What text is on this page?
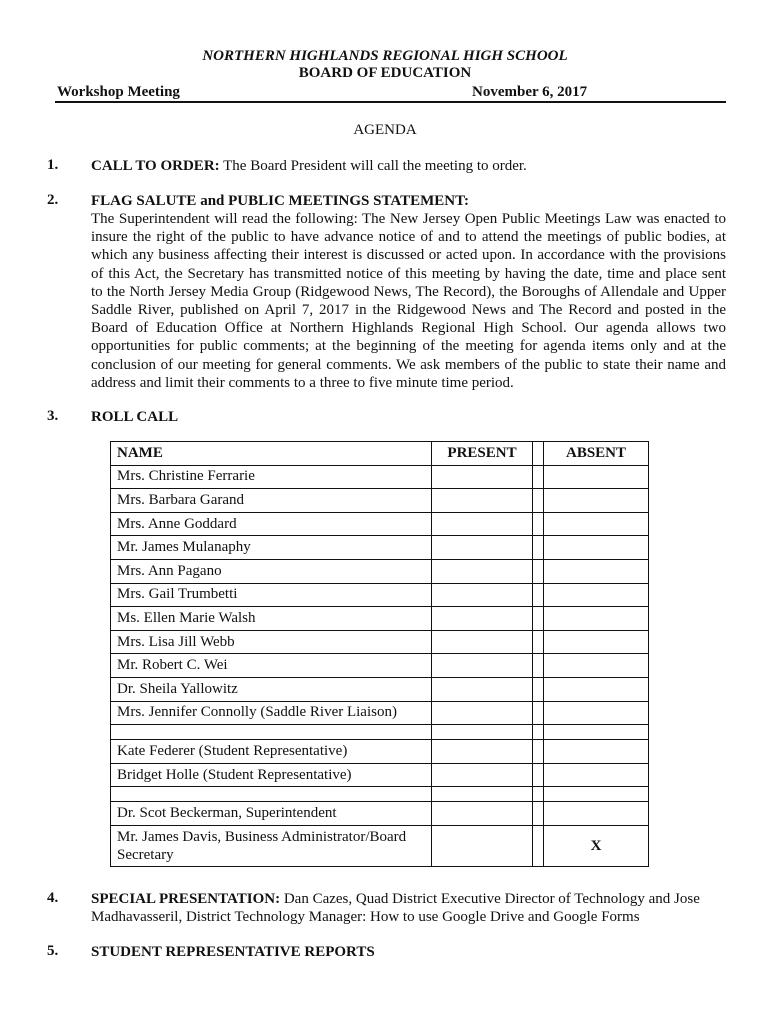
NORTHERN HIGHLANDS REGIONAL HIGH SCHOOL
BOARD OF EDUCATION
Workshop Meeting	November 6, 2017
AGENDA
1. CALL TO ORDER: The Board President will call the meeting to order.
2. FLAG SALUTE and PUBLIC MEETINGS STATEMENT:
The Superintendent will read the following: The New Jersey Open Public Meetings Law was enacted to
insure the right of the public to have advance notice of and to attend the meetings of public bodies, at
which any business affecting their interest is discussed or acted upon. In accordance with the provisions
of this Act, the Secretary has transmitted notice of this meeting by having the date, time and place sent
to the North Jersey Media Group (Ridgewood News, The Record), the Boroughs of Allendale and Upper
Saddle River, published on April 7, 2017 in the Ridgewood News and The Record and posted in the
Board of Education Office at Northern Highlands Regional High School. Our agenda allows two
opportunities for public comments; at the beginning of the meeting for agenda items only and at the
conclusion of our meeting for general comments. We ask members of the public to state their name and
address and limit their comments to a three to five minute time period.
3. ROLL CALL
NAME	PRESENT		ABSENT
Mrs. Christine Ferrarie			
Mrs. Barbara Garand			
Mrs. Anne Goddard			
Mr. James Mulanaphy			
Mrs. Ann Pagano			
Mrs. Gail Trumbetti			
Ms. Ellen Marie Walsh			
Mrs. Lisa Jill Webb			
Mr. Robert C. Wei			
Dr. Sheila Yallowitz			
Mrs. Jennifer Connolly (Saddle River Liaison)			

Kate Federer (Student Representative)			
Bridget Holle (Student Representative)			

Dr. Scot Beckerman, Superintendent			
Mr. James Davis, Business Administrator/Board Secretary			X
4. SPECIAL PRESENTATION: Dan Cazes, Quad District Executive Director of Technology and Jose Madhavasseril, District Technology Manager: How to use Google Drive and Google Forms
5. STUDENT REPRESENTATIVE REPORTS
